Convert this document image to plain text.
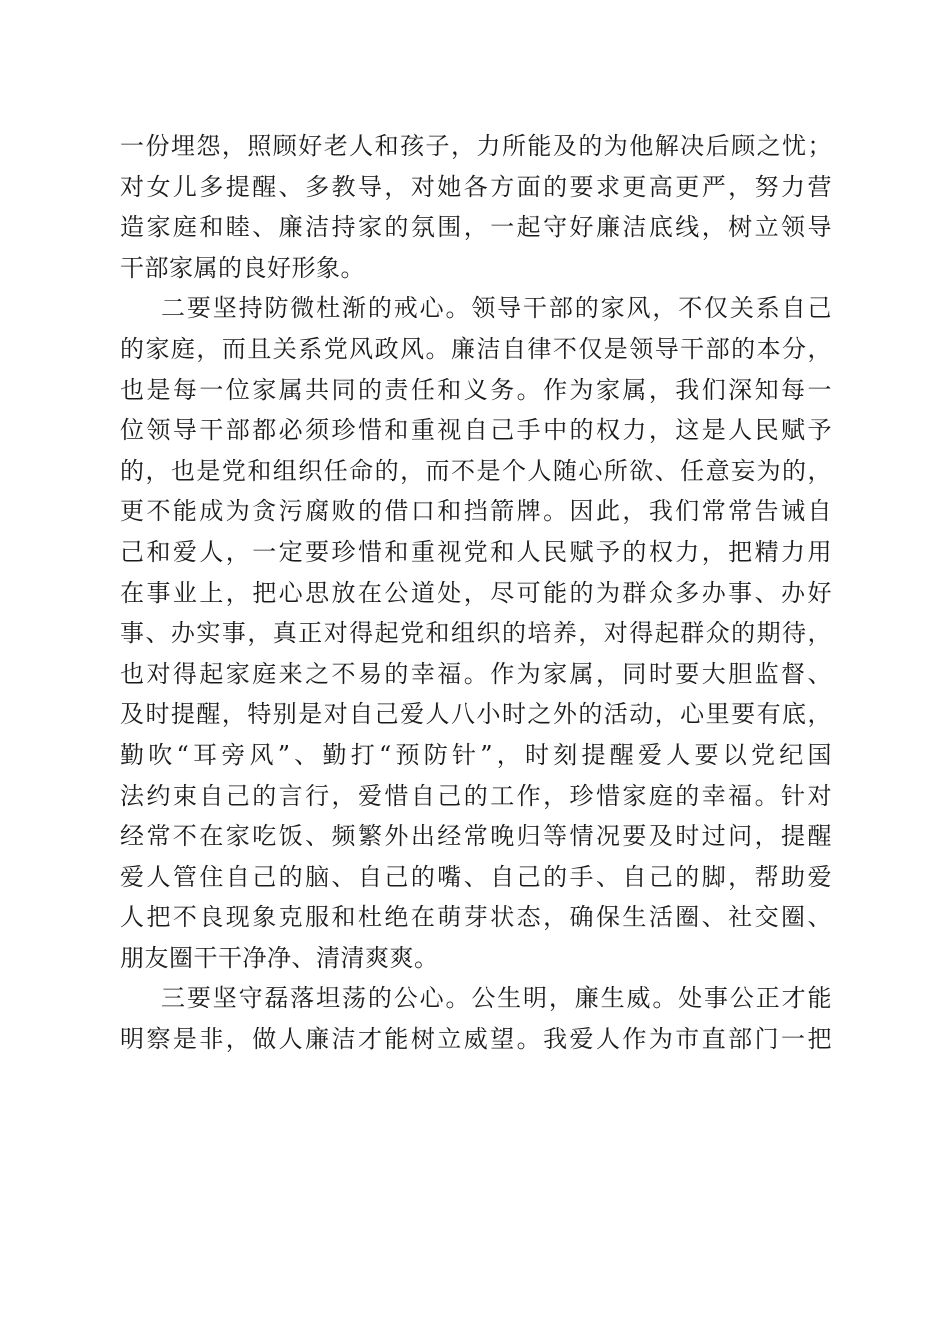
一份埋怨，照顾好老人和孩子，力所能及的为他解决后顾之忧；
对女儿多提醒、多教导，对她各方面的要求更高更严，努力营
造家庭和睦、廉洁持家的氛围，一起守好廉洁底线，树立领导
干部家属的良好形象。
二要坚持防微杜渐的戒心。领导干部的家风，不仅关系自己
的家庭，而且关系党风政风。廉洁自律不仅是领导干部的本分，
也是每一位家属共同的责任和义务。作为家属，我们深知每一
位领导干部都必须珍惜和重视自己手中的权力，这是人民赋予
的，也是党和组织任命的，而不是个人随心所欲、任意妄为的，
更不能成为贪污腐败的借口和挡箭牌。因此，我们常常告诫自
己和爱人，一定要珍惜和重视党和人民赋予的权力，把精力用
在事业上，把心思放在公道处，尽可能的为群众多办事、办好
事、办实事，真正对得起党和组织的培养，对得起群众的期待，
也对得起家庭来之不易的幸福。作为家属，同时要大胆监督、
及时提醒，特别是对自己爱人八小时之外的活动，心里要有底，
勤吹“耳旁风”、勤打“预防针”，时刻提醒爱人要以党纪国
法约束自己的言行，爱惜自己的工作，珍惜家庭的幸福。针对
经常不在家吃饭、频繁外出经常晚归等情况要及时过问，提醒
爱人管住自己的脑、自己的嘴、自己的手、自己的脚，帮助爱
人把不良现象克服和杜绝在萌芽状态，确保生活圈、社交圈、
朋友圈干干净净、清清爽爽。
三要坚守磊落坦荡的公心。公生明，廉生威。处事公正才能
明察是非，做人廉洁才能树立威望。我爱人作为市直部门一把
